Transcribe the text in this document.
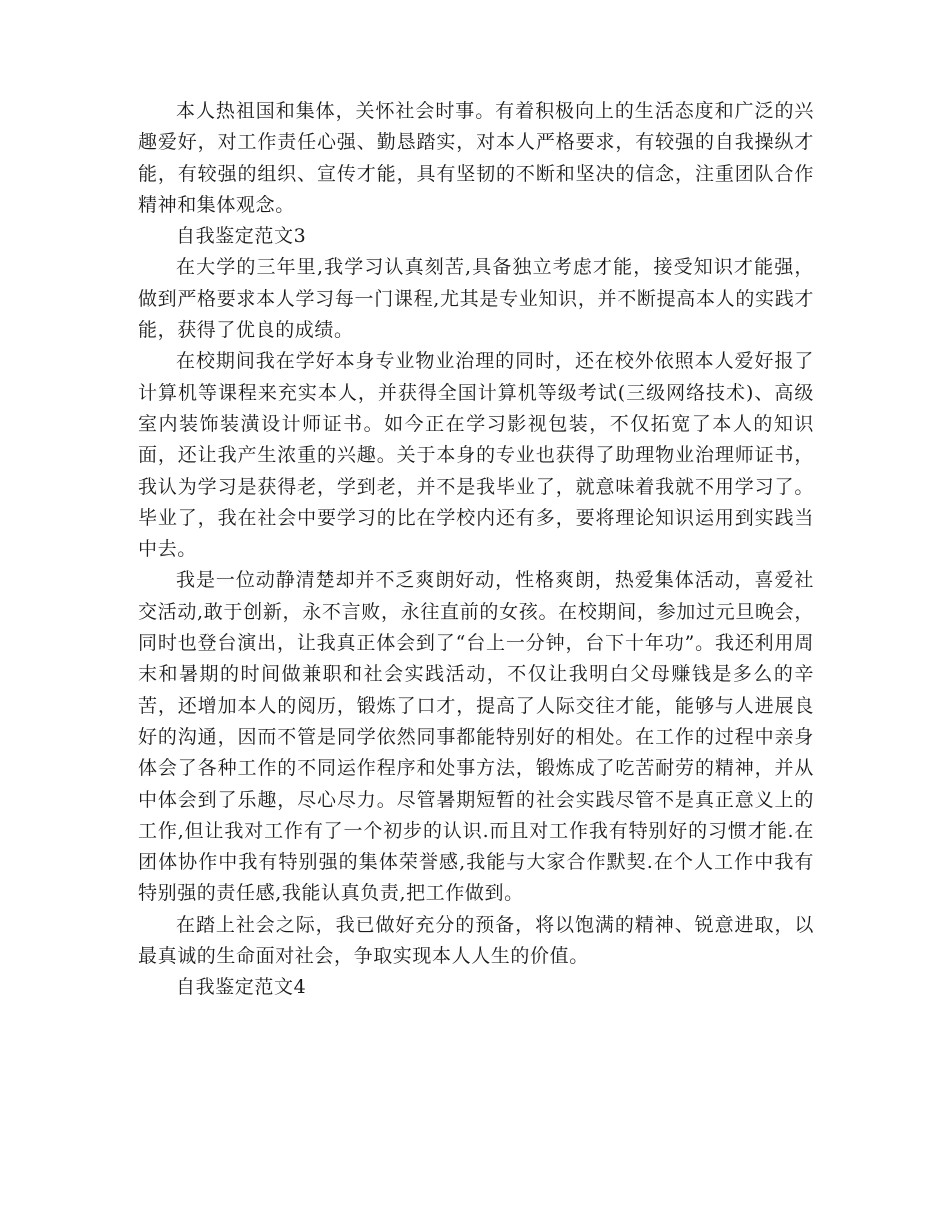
本人热祖国和集体，关怀社会时事。有着积极向上的生活态度和广泛的兴趣爱好，对工作责任心强、勤恳踏实，对本人严格要求，有较强的自我操纵才能，有较强的组织、宣传才能，具有坚韧的不断和坚决的信念，注重团队合作精神和集体观念。

自我鉴定范文3

在大学的三年里,我学习认真刻苦,具备独立考虑才能，接受知识才能强，做到严格要求本人学习每一门课程,尤其是专业知识，并不断提高本人的实践才能，获得了优良的成绩。

在校期间我在学好本身专业物业治理的同时，还在校外依照本人爱好报了计算机等课程来充实本人，并获得全国计算机等级考试(三级网络技术)、高级室内装饰装潢设计师证书。如今正在学习影视包装，不仅拓宽了本人的知识面，还让我产生浓重的兴趣。关于本身的专业也获得了助理物业治理师证书，我认为学习是获得老，学到老，并不是我毕业了，就意味着我就不用学习了。毕业了，我在社会中要学习的比在学校内还有多，要将理论知识运用到实践当中去。

我是一位动静清楚却并不乏爽朗好动，性格爽朗，热爱集体活动，喜爱社交活动,敢于创新，永不言败，永往直前的女孩。在校期间，参加过元旦晚会，同时也登台演出，让我真正体会到了“台上一分钟，台下十年功”。我还利用周末和暑期的时间做兼职和社会实践活动，不仅让我明白父母赚钱是多么的辛苦，还增加本人的阅历，锻炼了口才，提高了人际交往才能，能够与人进展良好的沟通，因而不管是同学依然同事都能特别好的相处。在工作的过程中亲身体会了各种工作的不同运作程序和处事方法，锻炼成了吃苦耐劳的精神，并从中体会到了乐趣，尽心尽力。尽管暑期短暂的社会实践尽管不是真正意义上的工作,但让我对工作有了一个初步的认识.而且对工作我有特别好的习惯才能.在团体协作中我有特别强的集体荣誉感,我能与大家合作默契.在个人工作中我有特别强的责任感,我能认真负责,把工作做到。

在踏上社会之际，我已做好充分的预备，将以饱满的精神、锐意进取，以最真诚的生命面对社会，争取实现本人人生的价值。

自我鉴定范文4
